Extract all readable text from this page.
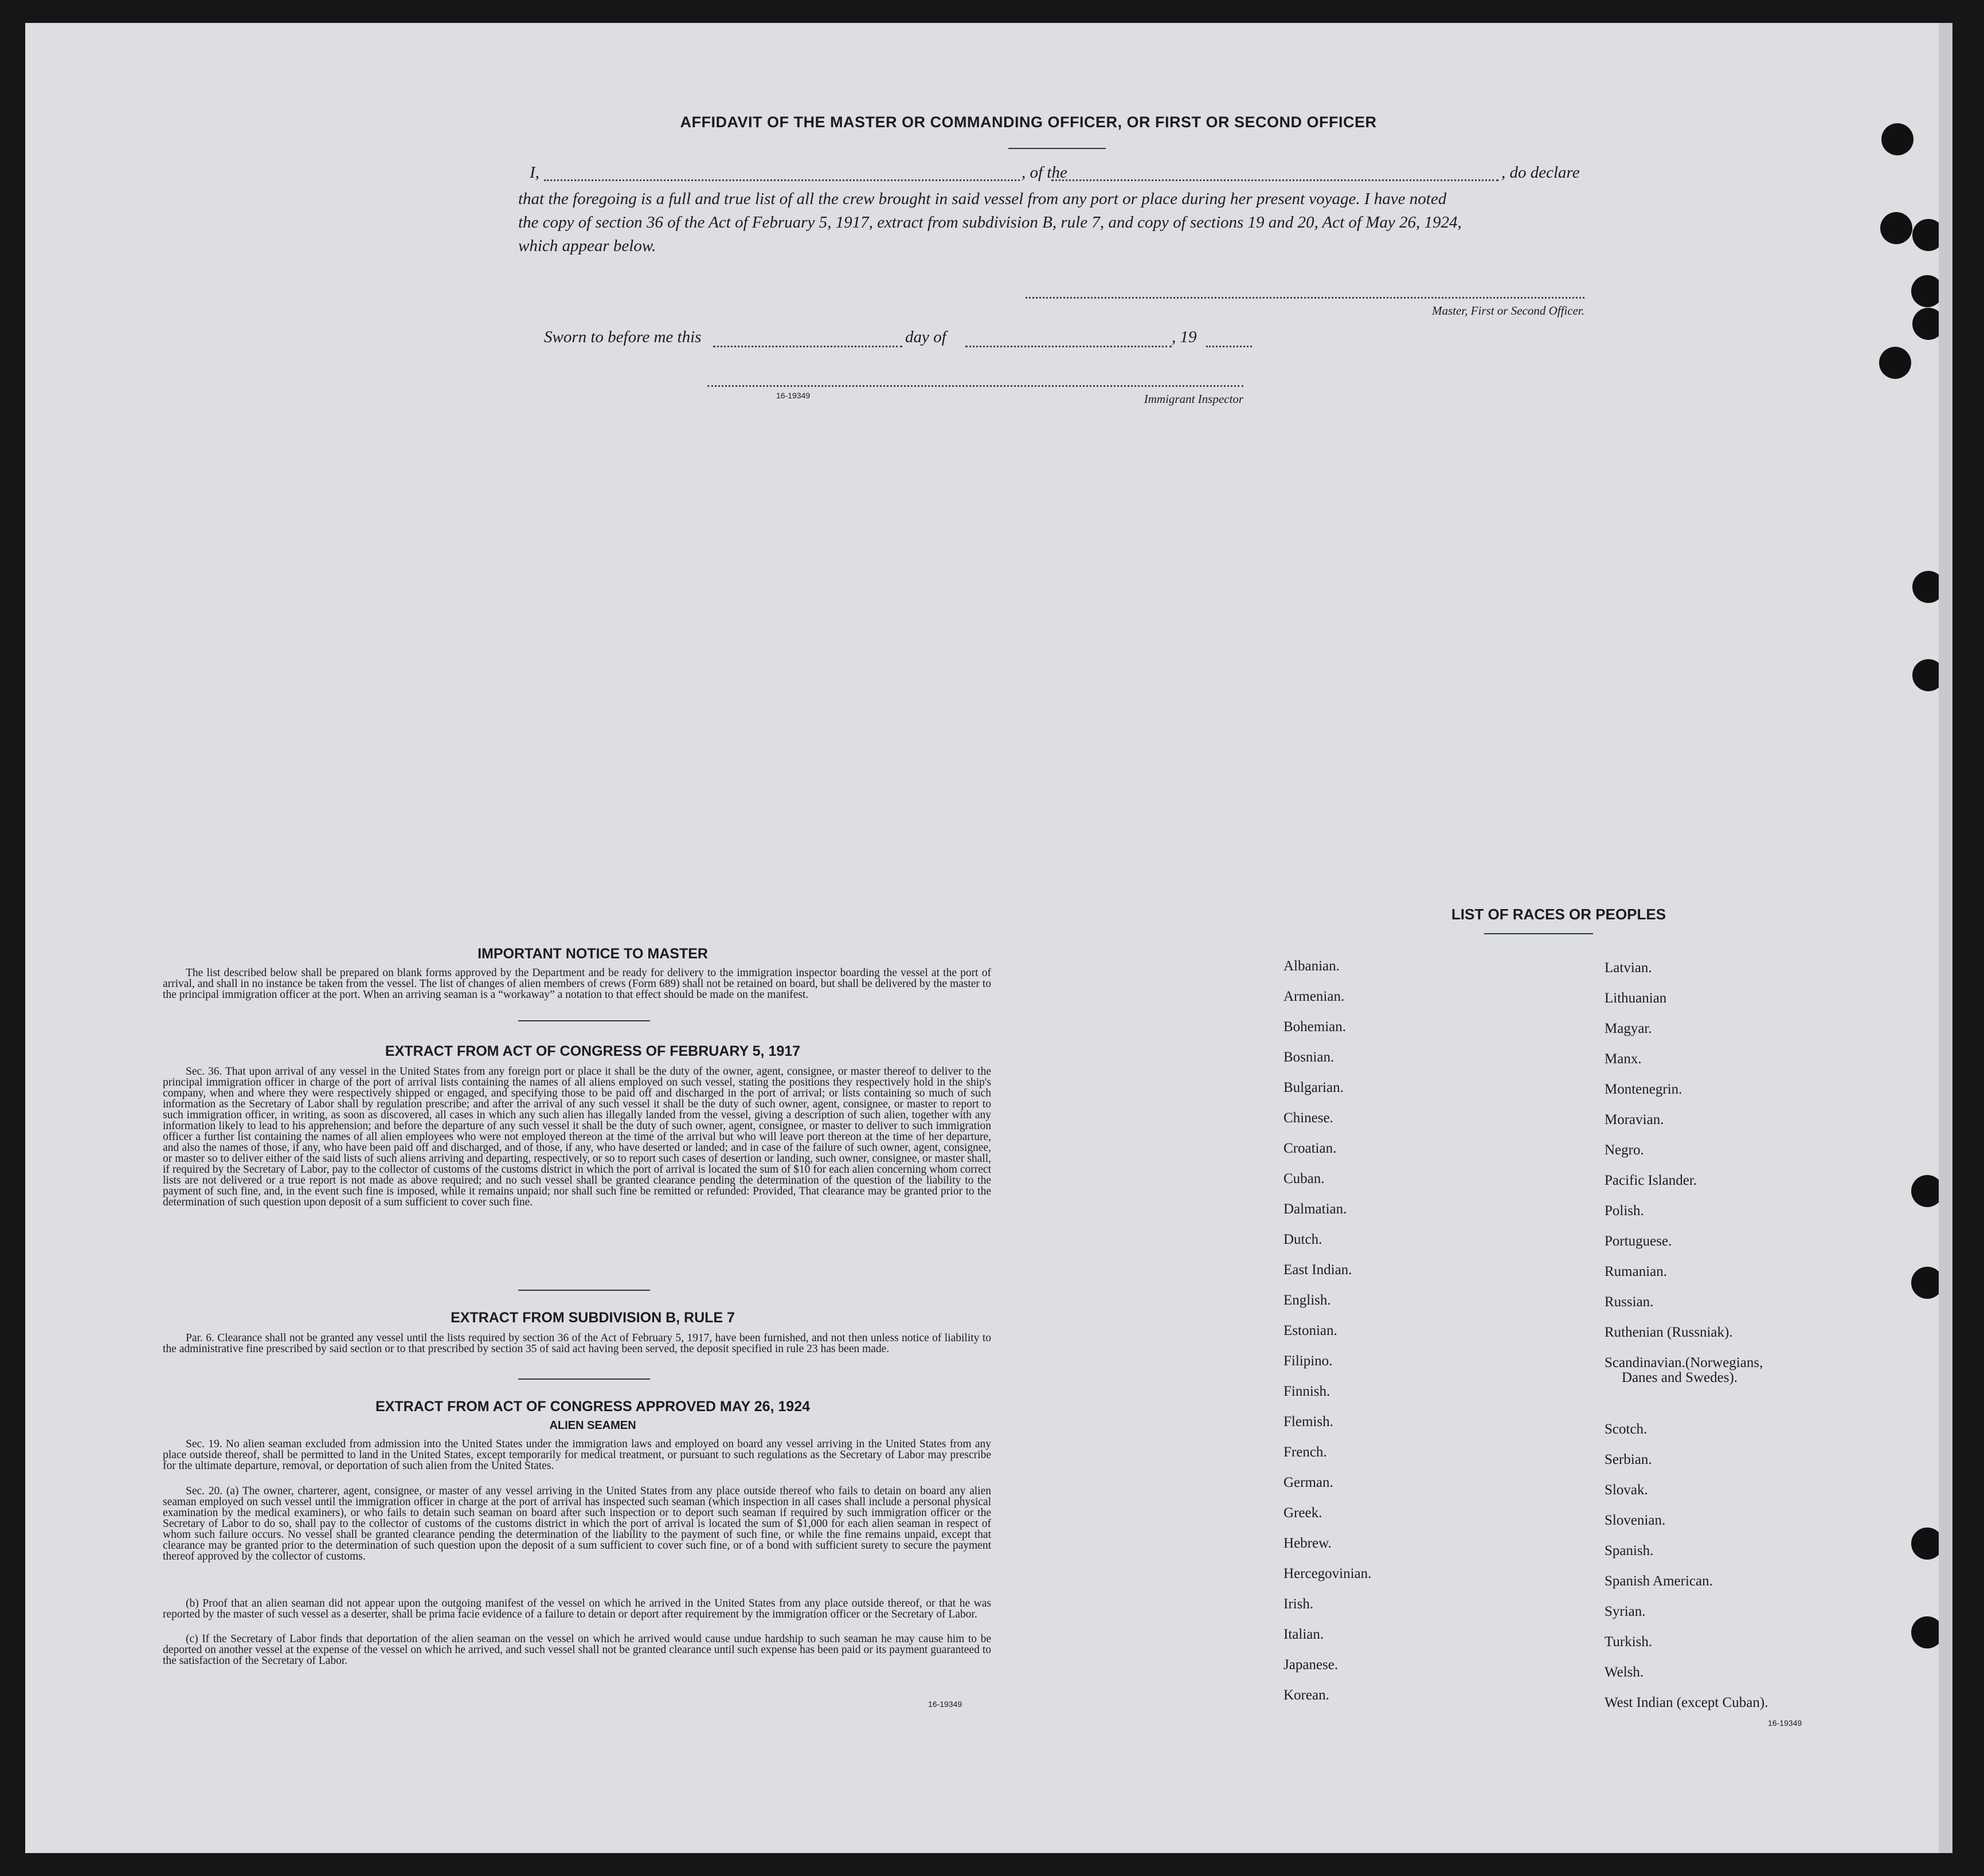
AFFIDAVIT OF THE MASTER OR COMMANDING OFFICER, OR FIRST OR SECOND OFFICER
I,	, of the	, do declare
that the foregoing is a full and true list of all the crew brought in said vessel from any port or place during her present voyage. I have noted
the copy of section 36 of the Act of February 5, 1917, extract from subdivision B, rule 7, and copy of sections 19 and 20, Act of May 26, 1924,
which appear below.
Master, First or Second Officer.
Sworn to before me this	day of	, 19
16-19349	Immigrant Inspector
IMPORTANT NOTICE TO MASTER
The list described below shall be prepared on blank forms approved by the Department and be ready for delivery to the immigration inspector boarding the vessel at the port of arrival, and shall in no instance be taken from the vessel. The list of changes of alien members of crews (Form 689) shall not be retained on board, but shall be delivered by the master to the principal immigration officer at the port. When an arriving seaman is a “workaway” a notation to that effect should be made on the manifest.
EXTRACT FROM ACT OF CONGRESS OF FEBRUARY 5, 1917
Sec. 36. That upon arrival of any vessel in the United States from any foreign port or place it shall be the duty of the owner, agent, consignee, or master thereof to deliver to the principal immigration officer in charge of the port of arrival lists containing the names of all aliens employed on such vessel, stating the positions they respectively hold in the ship's company, when and where they were respectively shipped or engaged, and specifying those to be paid off and discharged in the port of arrival; or lists containing so much of such information as the Secretary of Labor shall by regulation prescribe; and after the arrival of any such vessel it shall be the duty of such owner, agent, consignee, or master to report to such immigration officer, in writing, as soon as discovered, all cases in which any such alien has illegally landed from the vessel, giving a description of such alien, together with any information likely to lead to his apprehension; and before the departure of any such vessel it shall be the duty of such owner, agent, consignee, or master to deliver to such immigration officer a further list containing the names of all alien employees who were not employed thereon at the time of the arrival but who will leave port thereon at the time of her departure, and also the names of those, if any, who have been paid off and discharged, and of those, if any, who have deserted or landed; and in case of the failure of such owner, agent, consignee, or master so to deliver either of the said lists of such aliens arriving and departing, respectively, or so to report such cases of desertion or landing, such owner, consignee, or master shall, if required by the Secretary of Labor, pay to the collector of customs of the customs district in which the port of arrival is located the sum of $10 for each alien concerning whom correct lists are not delivered or a true report is not made as above required; and no such vessel shall be granted clearance pending the determination of the question of the liability to the payment of such fine, and, in the event such fine is imposed, while it remains unpaid; nor shall such fine be remitted or refunded: Provided, That clearance may be granted prior to the determination of such question upon deposit of a sum sufficient to cover such fine.
EXTRACT FROM SUBDIVISION B, RULE 7
Par. 6. Clearance shall not be granted any vessel until the lists required by section 36 of the Act of February 5, 1917, have been furnished, and not then unless notice of liability to the administrative fine prescribed by said section or to that prescribed by section 35 of said act having been served, the deposit specified in rule 23 has been made.
EXTRACT FROM ACT OF CONGRESS APPROVED MAY 26, 1924
ALIEN SEAMEN
Sec. 19. No alien seaman excluded from admission into the United States under the immigration laws and employed on board any vessel arriving in the United States from any place outside thereof, shall be permitted to land in the United States, except temporarily for medical treatment, or pursuant to such regulations as the Secretary of Labor may prescribe for the ultimate departure, removal, or deportation of such alien from the United States.
Sec. 20. (a) The owner, charterer, agent, consignee, or master of any vessel arriving in the United States from any place outside thereof who fails to detain on board any alien seaman employed on such vessel until the immigration officer in charge at the port of arrival has inspected such seaman (which inspection in all cases shall include a personal physical examination by the medical examiners), or who fails to detain such seaman on board after such inspection or to deport such seaman if required by such immigration officer or the Secretary of Labor to do so, shall pay to the collector of customs of the customs district in which the port of arrival is located the sum of $1,000 for each alien seaman in respect of whom such failure occurs. No vessel shall be granted clearance pending the determination of the liability to the payment of such fine, or while the fine remains unpaid, except that clearance may be granted prior to the determination of such question upon the deposit of a sum sufficient to cover such fine, or of a bond with sufficient surety to secure the payment thereof approved by the collector of customs.
(b) Proof that an alien seaman did not appear upon the outgoing manifest of the vessel on which he arrived in the United States from any place outside thereof, or that he was reported by the master of such vessel as a deserter, shall be prima facie evidence of a failure to detain or deport after requirement by the immigration officer or the Secretary of Labor.
(c) If the Secretary of Labor finds that deportation of the alien seaman on the vessel on which he arrived would cause undue hardship to such seaman he may cause him to be deported on another vessel at the expense of the vessel on which he arrived, and such vessel shall not be granted clearance until such expense has been paid or its payment guaranteed to the satisfaction of the Secretary of Labor.
16-19349
LIST OF RACES OR PEOPLES
Albanian.
Armenian.
Bohemian.
Bosnian.
Bulgarian.
Chinese.
Croatian.
Cuban.
Dalmatian.
Dutch.
East Indian.
English.
Estonian.
Filipino.
Finnish.
Flemish.
French.
German.
Greek.
Hebrew.
Hercegovinian.
Irish.
Italian.
Japanese.
Korean.
Latvian.
Lithuanian
Magyar.
Manx.
Montenegrin.
Moravian.
Negro.
Pacific Islander.
Polish.
Portuguese.
Rumanian.
Russian.
Ruthenian (Russniak).
Scandinavian.(Norwegians,
Danes and Swedes).
Scotch.
Serbian.
Slovak.
Slovenian.
Spanish.
Spanish American.
Syrian.
Turkish.
Welsh.
West Indian (except Cuban).
16-19349
